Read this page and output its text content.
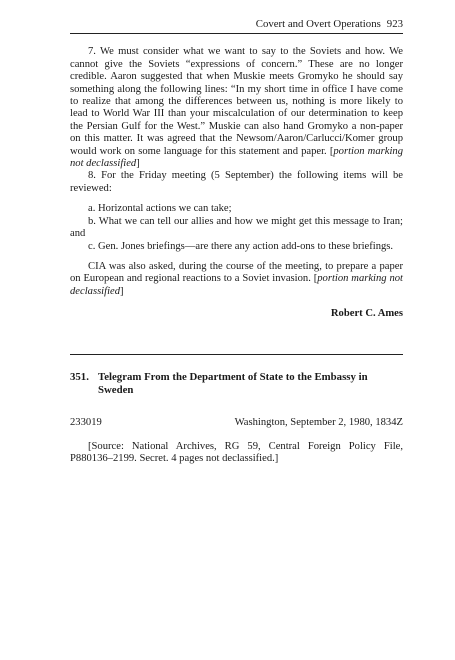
Covert and Overt Operations 923

7. We must consider what we want to say to the Soviets and how. We cannot give the Soviets “expressions of concern.” These are no longer credible. Aaron suggested that when Muskie meets Gromyko he should say something along the following lines: “In my short time in office I have come to realize that among the differences between us, nothing is more likely to lead to World War III than your miscalculation of our determination to keep the Persian Gulf for the West.” Muskie can also hand Gromyko a non-paper on this matter. It was agreed that the Newsom/Aaron/Carlucci/Komer group would work on some language for this statement and paper. [portion marking not declassified]

8. For the Friday meeting (5 September) the following items will be reviewed:

a. Horizontal actions we can take;

b. What we can tell our allies and how we might get this message to Iran; and

c. Gen. Jones briefings—are there any action add-ons to these briefings.

CIA was also asked, during the course of the meeting, to prepare a paper on European and regional reactions to a Soviet invasion. [portion marking not declassified]

Robert C. Ames
351. Telegram From the Department of State to the Embassy in Sweden
233019	Washington, September 2, 1980, 1834Z

[Source: National Archives, RG 59, Central Foreign Policy File, P880136–2199. Secret. 4 pages not declassified.]
